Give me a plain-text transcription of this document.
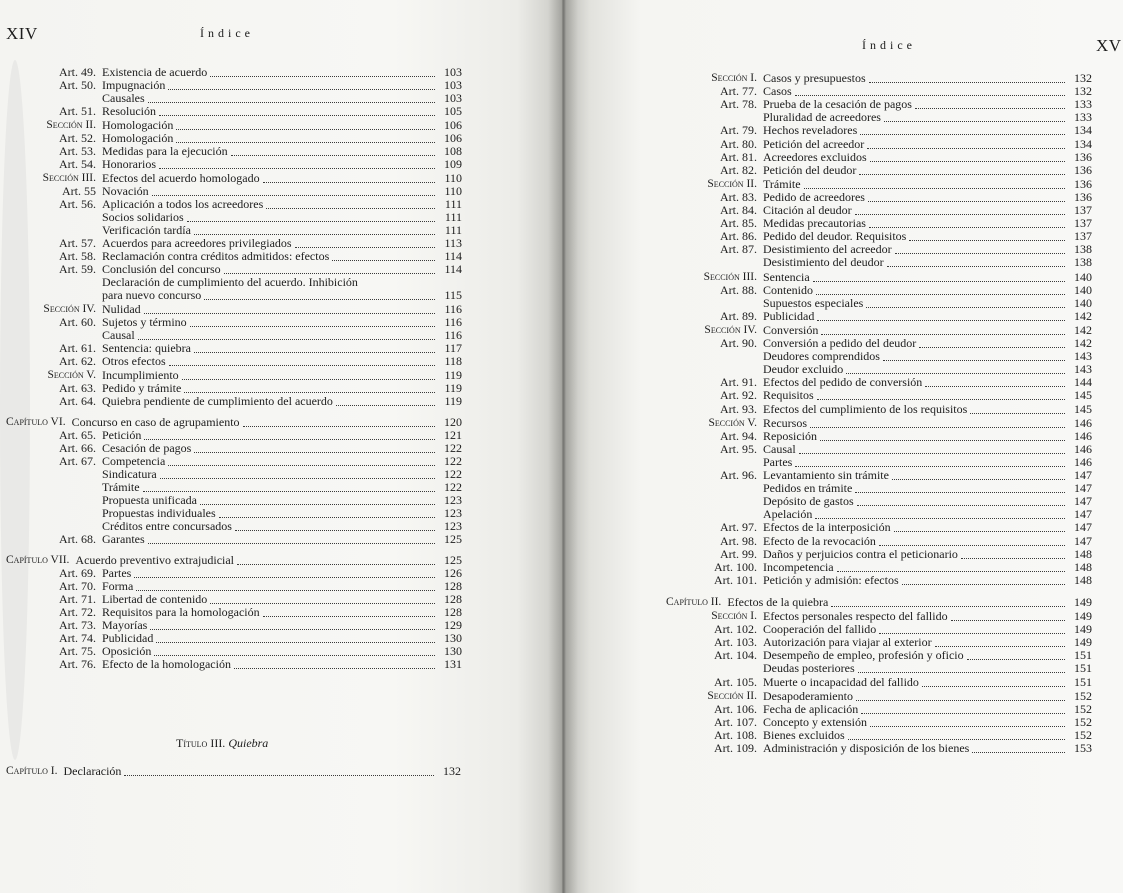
XIV	Índice
Art. 49. Existencia de acuerdo	103
Art. 50. Impugnación	103
Causales	103
Art. 51. Resolución	105
Sección II. Homologación	106
Art. 52. Homologación	106
Art. 53. Medidas para la ejecución	108
Art. 54. Honorarios	109
Sección III. Efectos del acuerdo homologado	110
Art. 55 Novación	110
Art. 56. Aplicación a todos los acreedores	111
Socios solidarios	111
Verificación tardía	111
Art. 57. Acuerdos para acreedores privilegiados	113
Art. 58. Reclamación contra créditos admitidos: efectos	114
Art. 59. Conclusión del concurso	114
Declaración de cumplimiento del acuerdo. Inhibición
para nuevo concurso	115
Sección IV. Nulidad	116
Art. 60. Sujetos y término	116
Causal	116
Art. 61. Sentencia: quiebra	117
Art. 62. Otros efectos	118
Sección V. Incumplimiento	119
Art. 63. Pedido y trámite	119
Art. 64. Quiebra pendiente de cumplimiento del acuerdo	119
Capítulo VI. Concurso en caso de agrupamiento	120
Art. 65. Petición	121
Art. 66. Cesación de pagos	122
Art. 67. Competencia	122
Sindicatura	122
Trámite	122
Propuesta unificada	123
Propuestas individuales	123
Créditos entre concursados	123
Art. 68. Garantes	125
Capítulo VII. Acuerdo preventivo extrajudicial	125
Art. 69. Partes	126
Art. 70. Forma	128
Art. 71. Libertad de contenido	128
Art. 72. Requisitos para la homologación	128
Art. 73. Mayorías	129
Art. 74. Publicidad	130
Art. 75. Oposición	130
Art. 76. Efecto de la homologación	131
Título III. Quiebra
Capítulo I. Declaración	132
Índice	XV
Sección I. Casos y presupuestos	132
Art. 77. Casos	132
Art. 78. Prueba de la cesación de pagos	133
Pluralidad de acreedores	133
Art. 79. Hechos reveladores	134
Art. 80. Petición del acreedor	134
Art. 81. Acreedores excluidos	136
Art. 82. Petición del deudor	136
Sección II. Trámite	136
Art. 83. Pedido de acreedores	136
Art. 84. Citación al deudor	137
Art. 85. Medidas precautorias	137
Art. 86. Pedido del deudor. Requisitos	137
Art. 87. Desistimiento del acreedor	138
Desistimiento del deudor	138
Sección III. Sentencia	140
Art. 88. Contenido	140
Supuestos especiales	140
Art. 89. Publicidad	142
Sección IV. Conversión	142
Art. 90. Conversión a pedido del deudor	142
Deudores comprendidos	143
Deudor excluido	143
Art. 91. Efectos del pedido de conversión	144
Art. 92. Requisitos	145
Art. 93. Efectos del cumplimiento de los requisitos	145
Sección V. Recursos	146
Art. 94. Reposición	146
Art. 95. Causal	146
Partes	146
Art. 96. Levantamiento sin trámite	147
Pedidos en trámite	147
Depósito de gastos	147
Apelación	147
Art. 97. Efectos de la interposición	147
Art. 98. Efecto de la revocación	147
Art. 99. Daños y perjuicios contra el peticionario	148
Art. 100. Incompetencia	148
Art. 101. Petición y admisión: efectos	148
Capítulo II. Efectos de la quiebra	149
Sección I. Efectos personales respecto del fallido	149
Art. 102. Cooperación del fallido	149
Art. 103. Autorización para viajar al exterior	149
Art. 104. Desempeño de empleo, profesión y oficio	151
Deudas posteriores	151
Art. 105. Muerte o incapacidad del fallido	151
Sección II. Desapoderamiento	152
Art. 106. Fecha de aplicación	152
Art. 107. Concepto y extensión	152
Art. 108. Bienes excluidos	152
Art. 109. Administración y disposición de los bienes	153
